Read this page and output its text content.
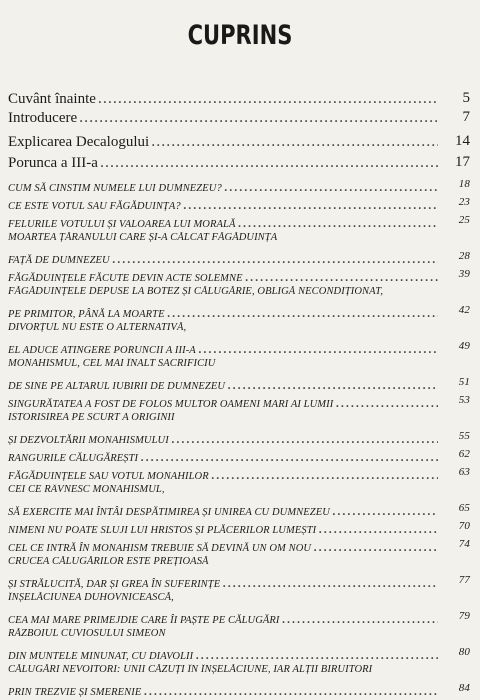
CUPRINS
Cuvânt înainte .....	5
Introducere .....	7
Explicarea Decalogului .....	14
Porunca a III-a .....	17
CUM SĂ CINSTIM NUMELE LUI DUMNEZEU? .....	18
CE ESTE VOTUL SAU FĂGĂDUINȚA? .....	23
FELURILE VOTULUI ȘI VALOAREA LUI MORALĂ .....	25
MOARTEA ȚĂRANULUI CARE ȘI-A CĂLCAT FĂGĂDUINȚA
FAȚĂ DE DUMNEZEU .....	28
FĂGĂDUINȚELE FĂCUTE DEVIN ACTE SOLEMNE .....	39
FĂGĂDUINȚELE DEPUSE LA BOTEZ ȘI CĂLUGĂRIE, OBLIGĂ NECONDIȚIONAT,
PE PRIMITOR, PÂNĂ LA MOARTE .....	42
DIVORȚUL NU ESTE O ALTERNATIVĂ,
EL ADUCE ATINGERE PORUNCII A III-A .....	49
MONAHISMUL, CEL MAI ÎNALT SACRIFICIU
DE SINE PE ALTARUL IUBIRII DE DUMNEZEU .....	51
SINGURĂTATEA A FOST DE FOLOS MULTOR OAMENI MARI AI LUMII .....	53
ISTORISIREA PE SCURT A ORIGINII
ȘI DEZVOLTĂRII MONAHISMULUI .....	55
RANGURILE CĂLUGĂREȘTI .....	62
FĂGĂDUINȚELE SAU VOTUL MONAHILOR .....	63
CEI CE RÂVNESC MONAHISMUL,
SĂ EXERCITE MAI ÎNTÂI DESPĂTIMIREA ȘI UNIREA CU DUMNEZEU .....	65
NIMENI NU POATE SLUJI LUI HRISTOS ȘI PLĂCERILOR LUMEȘTI .....	70
CEL CE INTRĂ ÎN MONAHISM TREBUIE SĂ DEVINĂ UN OM NOU .....	74
CRUCEA CĂLUGĂRILOR ESTE PREȚIOASĂ
ȘI STRĂLUCITĂ, DAR ȘI GREA ÎN SUFERINȚE .....	77
ÎNȘELĂCIUNEA DUHOVNICEASCĂ,
CEA MAI MARE PRIMEJDIE CARE ÎI PAȘTE PE CĂLUGĂRI .....	79
RĂZBOIUL CUVIOSULUI SIMEON
DIN MUNTELE MINUNAT, CU DIAVOLII .....	80
CĂLUGĂRI NEVOITORI: UNII CĂZUȚI ÎN ÎNȘELĂCIUNE, IAR ALȚII BIRUITORI
PRIN TREZVIE ȘI SMERENIE .....	84
